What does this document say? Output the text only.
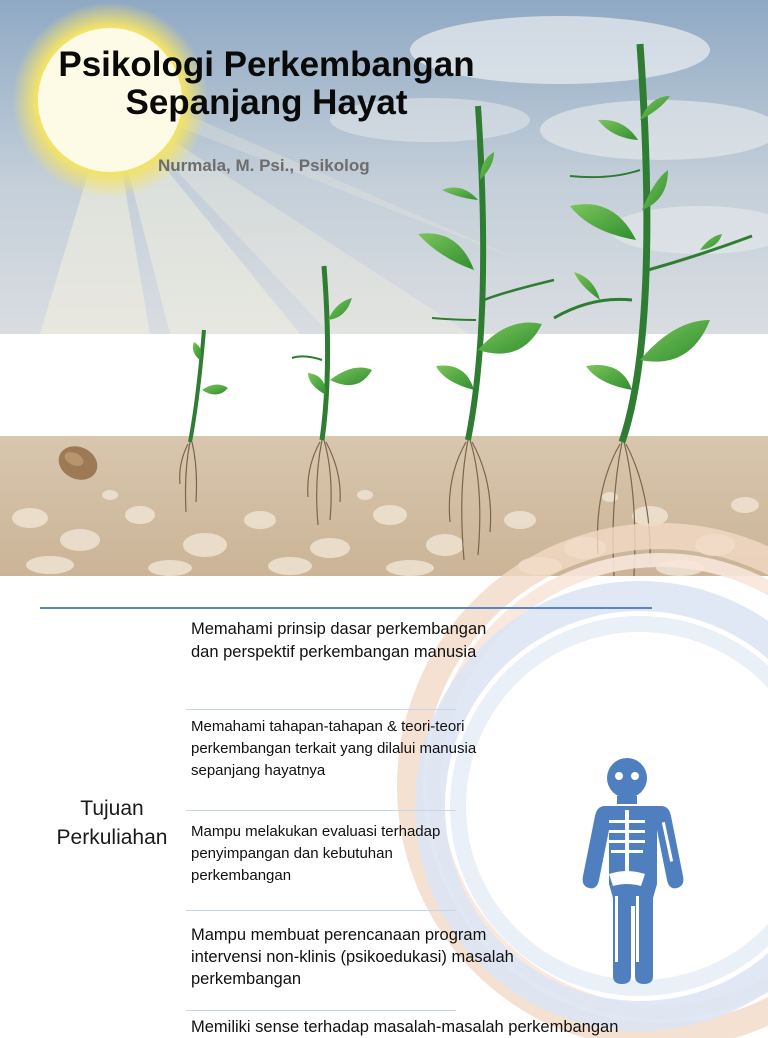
Psikologi Perkembangan
Sepanjang Hayat
Nurmala, M. Psi., Psikolog
Tujuan
Perkuliahan
Memahami prinsip dasar perkembangan dan perspektif perkembangan manusia
Memahami tahapan-tahapan & teori-teori perkembangan terkait yang dilalui manusia sepanjang hayatnya
Mampu melakukan evaluasi terhadap penyimpangan dan kebutuhan perkembangan
Mampu membuat perencanaan program intervensi non-klinis (psikoedukasi) masalah perkembangan
Memiliki sense terhadap masalah-masalah perkembangan
